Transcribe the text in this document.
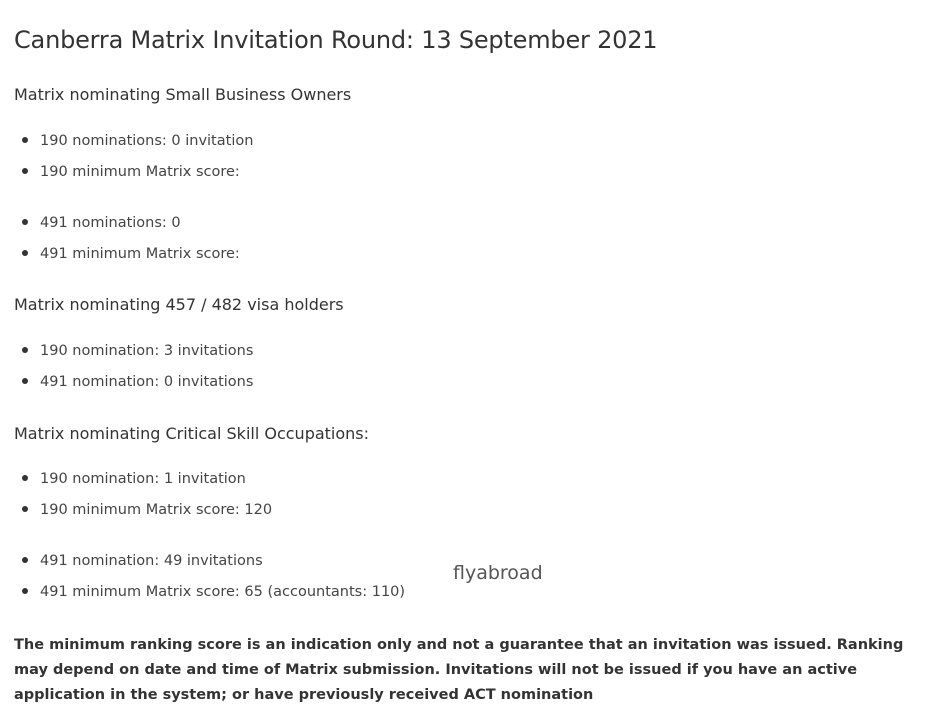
Canberra Matrix Invitation Round: 13 September 2021

Matrix nominating Small Business Owners

190 nominations: 0 invitation

190 minimum Matrix score:

491 nominations: 0

491 minimum Matrix score:

Matrix nominating 457 / 482 visa holders

190 nomination: 3 invitations

491 nomination: 0 invitations

Matrix nominating Critical Skill Occupations:

190 nomination: 1 invitation

190 minimum Matrix score: 120

491 nomination: 49 invitations

491 minimum Matrix score: 65 (accountants: 110)

The minimum ranking score is an indication only and not a guarantee that an invitation was issued. Ranking may depend on date and time of Matrix submission. Invitations will not be issued if you have an active application in the system; or have previously received ACT nomination

flyabroad
